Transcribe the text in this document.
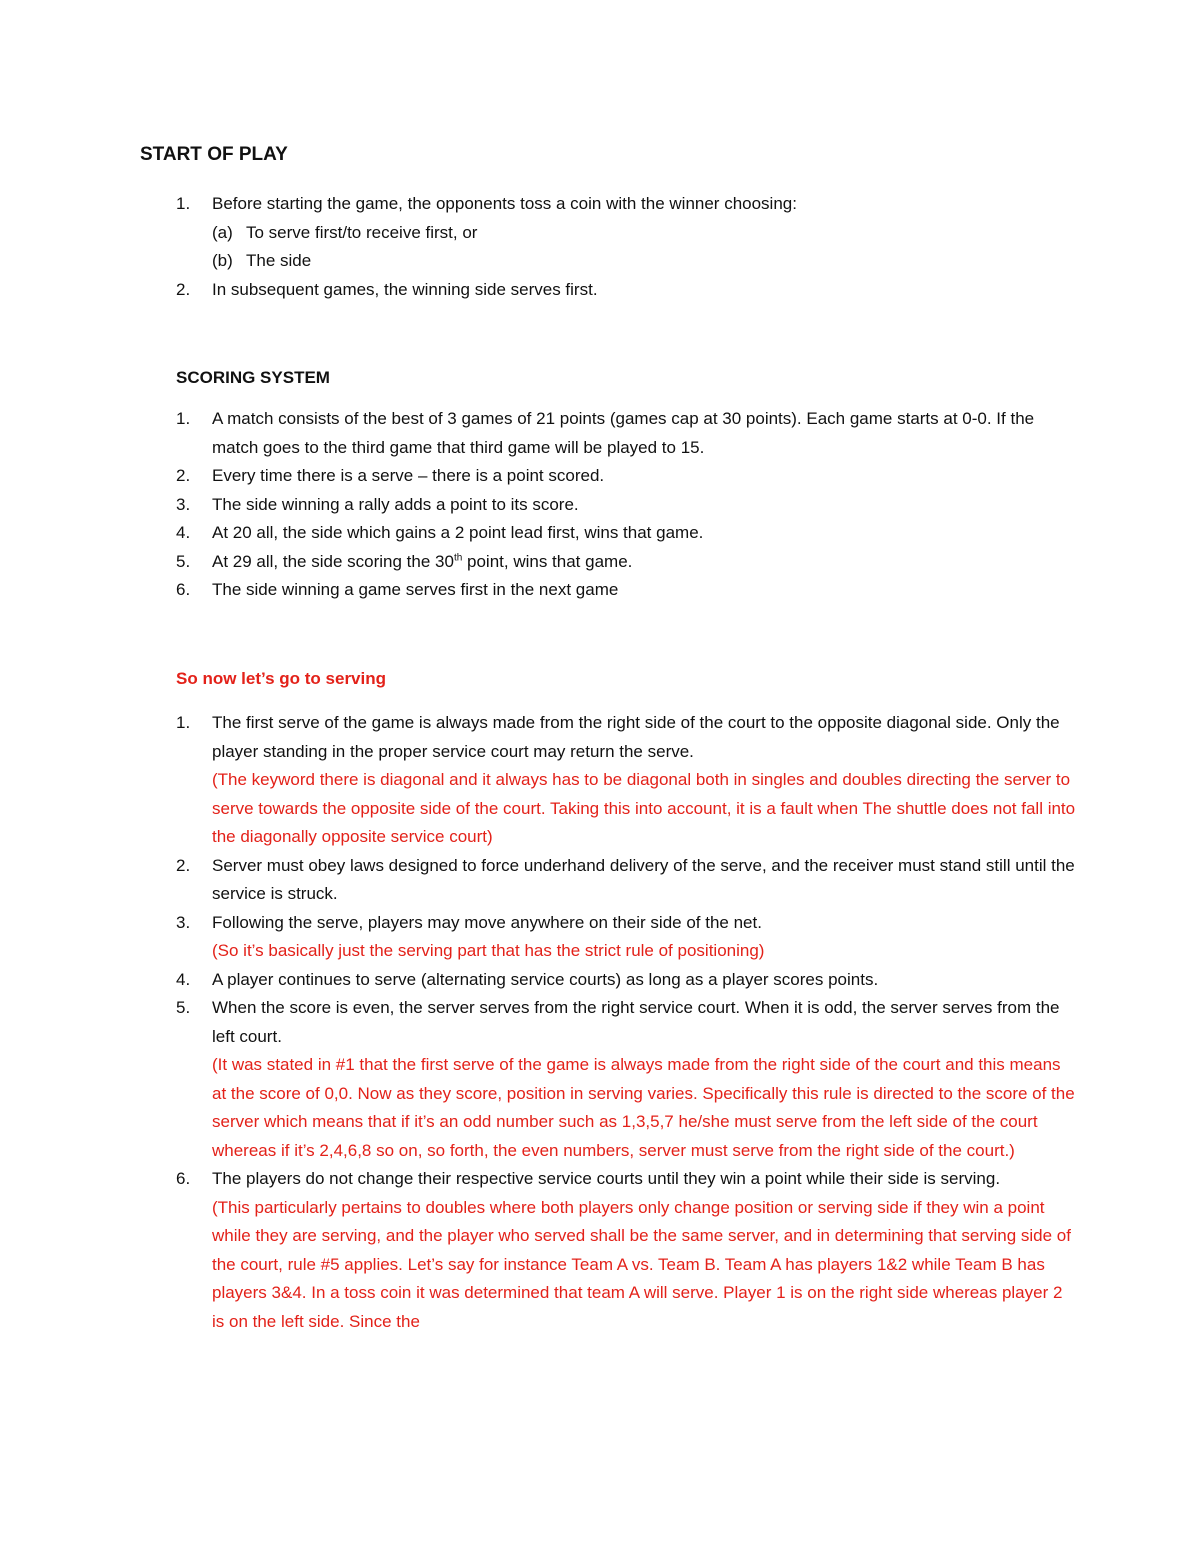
START OF PLAY
1. Before starting the game, the opponents toss a coin with the winner choosing:
(a) To serve first/to receive first, or
(b) The side
2. In subsequent games, the winning side serves first.
SCORING SYSTEM
1. A match consists of the best of 3 games of 21 points (games cap at 30 points). Each game starts at 0-0. If the match goes to the third game that third game will be played to 15.
2. Every time there is a serve – there is a point scored.
3. The side winning a rally adds a point to its score.
4. At 20 all, the side which gains a 2 point lead first, wins that game.
5. At 29 all, the side scoring the 30th point, wins that game.
6. The side winning a game serves first in the next game
So now let’s go to serving
1. The first serve of the game is always made from the right side of the court to the opposite diagonal side. Only the player standing in the proper service court may return the serve.
(The keyword there is diagonal and it always has to be diagonal both in singles and doubles directing the server to serve towards the opposite side of the court. Taking this into account, it is a fault when The shuttle does not fall into the diagonally opposite service court)
2. Server must obey laws designed to force underhand delivery of the serve, and the receiver must stand still until the service is struck.
3. Following the serve, players may move anywhere on their side of the net.
(So it’s basically just the serving part that has the strict rule of positioning)
4. A player continues to serve (alternating service courts) as long as a player scores points.
5. When the score is even, the server serves from the right service court. When it is odd, the server serves from the left court.
(It was stated in #1 that the first serve of the game is always made from the right side of the court and this means at the score of 0,0. Now as they score, position in serving varies. Specifically this rule is directed to the score of the server which means that if it’s an odd number such as 1,3,5,7 he/she must serve from the left side of the court whereas if it’s 2,4,6,8 so on, so forth, the even numbers, server must serve from the right side of the court.)
6. The players do not change their respective service courts until they win a point while their side is serving.
(This particularly pertains to doubles where both players only change position or serving side if they win a point while they are serving, and the player who served shall be the same server, and in determining that serving side of the court, rule #5 applies. Let’s say for instance Team A vs. Team B. Team A has players 1&2 while Team B has players 3&4. In a toss coin it was determined that team A will serve. Player 1 is on the right side whereas player 2 is on the left side. Since the
